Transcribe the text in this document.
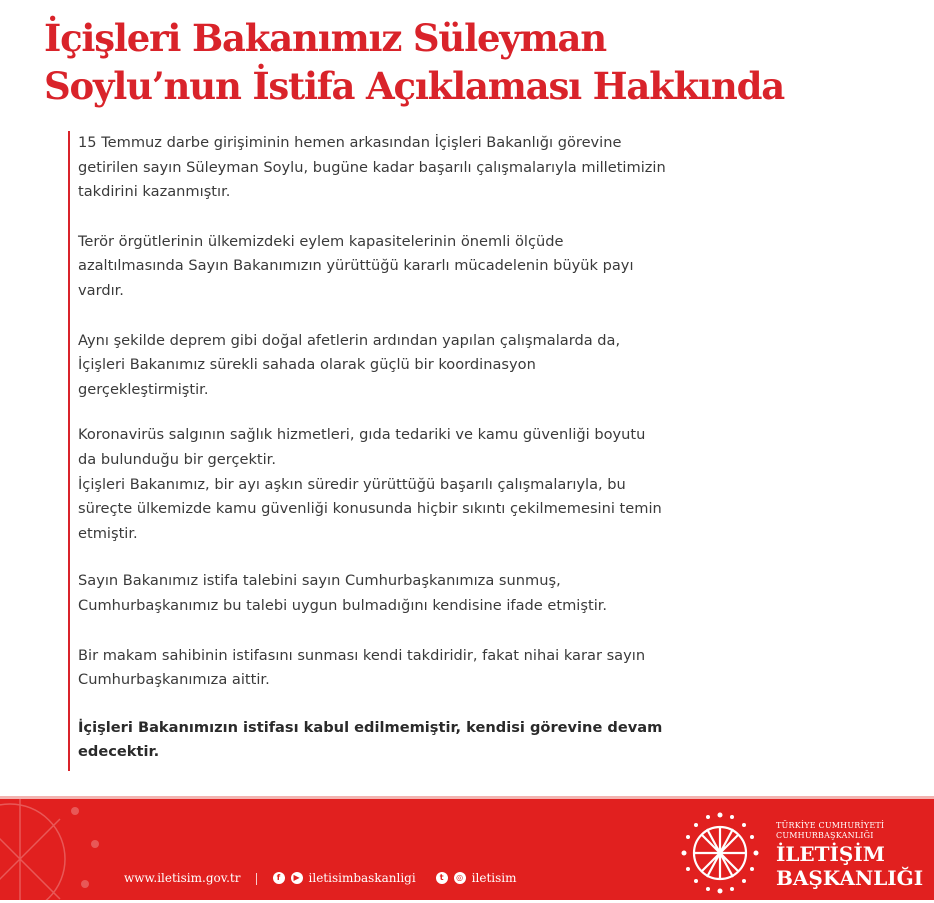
İçişleri Bakanımız Süleyman
Soylu’nun İstifa Açıklaması Hakkında
15 Temmuz darbe girişiminin hemen arkasından İçişleri Bakanlığı görevine
getirilen sayın Süleyman Soylu, bugüne kadar başarılı çalışmalarıyla milletimizin
takdirini kazanmıştır.
Terör örgütlerinin ülkemizdeki eylem kapasitelerinin önemli ölçüde
azaltılmasında Sayın Bakanımızın yürüttüğü kararlı mücadelenin büyük payı
vardır.
Aynı şekilde deprem gibi doğal afetlerin ardından yapılan çalışmalarda da,
İçişleri Bakanımız sürekli sahada olarak güçlü bir koordinasyon
gerçekleştirmiştir.
Koronavirüs salgının sağlık hizmetleri, gıda tedariki ve kamu güvenliği boyutu
da bulunduğu bir gerçektir.
İçişleri Bakanımız, bir ayı aşkın süredir yürüttüğü başarılı çalışmalarıyla, bu
süreçte ülkemizde kamu güvenliği konusunda hiçbir sıkıntı çekilmemesini temin
etmiştir.
Sayın Bakanımız istifa talebini sayın Cumhurbaşkanımıza sunmuş,
Cumhurbaşkanımız bu talebi uygun bulmadığını kendisine ifade etmiştir.
Bir makam sahibinin istifasını sunması kendi takdiridir, fakat nihai karar sayın
Cumhurbaşkanımıza aittir.
İçişleri Bakanımızın istifası kabul edilmemiştir, kendisi görevine devam
edecektir.
www.iletisim.gov.tr |	f	▶ iletisimbaskanligi	t	◎ iletisim
TÜRKİYE CUMHURİYETİ
CUMHURBAŞKANLIĞI
İLETİŞİM
BAŞKANLIĞI
